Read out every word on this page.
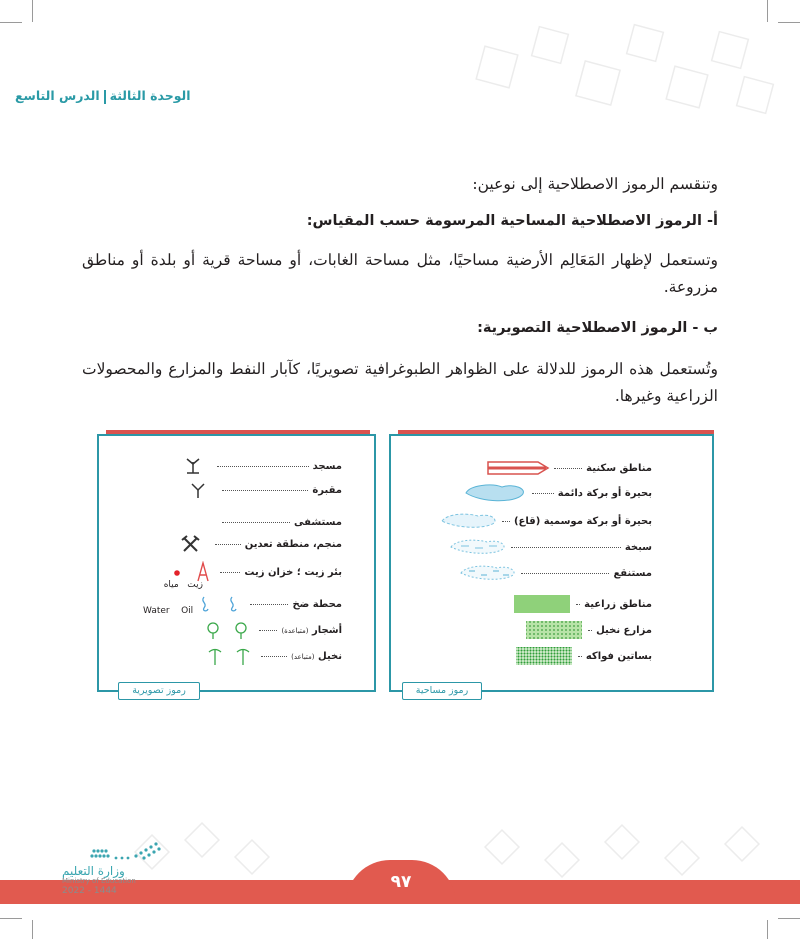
الوحدة الثالثةالدرس التاسع
وتنقسم الرموز الاصطلاحية إلى نوعين:
أ- الرموز الاصطلاحية المساحية المرسومة حسب المقياس:
وتستعمل لإظهار المَعَالِم الأرضية مساحيًا، مثل مساحة الغابات، أو مساحة قرية أو بلدة أو مناطق مزروعة.
ب - الرموز الاصطلاحية التصويرية:
وتُستعمل هذه الرموز للدلالة على الظواهر الطبوغرافية تصويريًا، كآبار النفط والمزارع والمحصولات الزراعية وغيرها.
مناطق سكنية
بحيرة أو بركة دائمة
بحيرة أو بركة موسمية (قاع)
سبخة
مستنقع
مناطق زراعية
مزارع نخيل
بساتين فواكه
رموز مساحية
مسجد
مقبرة
مستشفى
منجم، منطقة تعدين
بئر زيت ؛ خزان زيت
زيت   مياه
محطة ضخ
Water Oil
أشجار (متباعدة)
نخيل (متباعد)
رموز تصويرية
٩٧
وزارة التعليم
Ministry of Education
2022 - 1444
